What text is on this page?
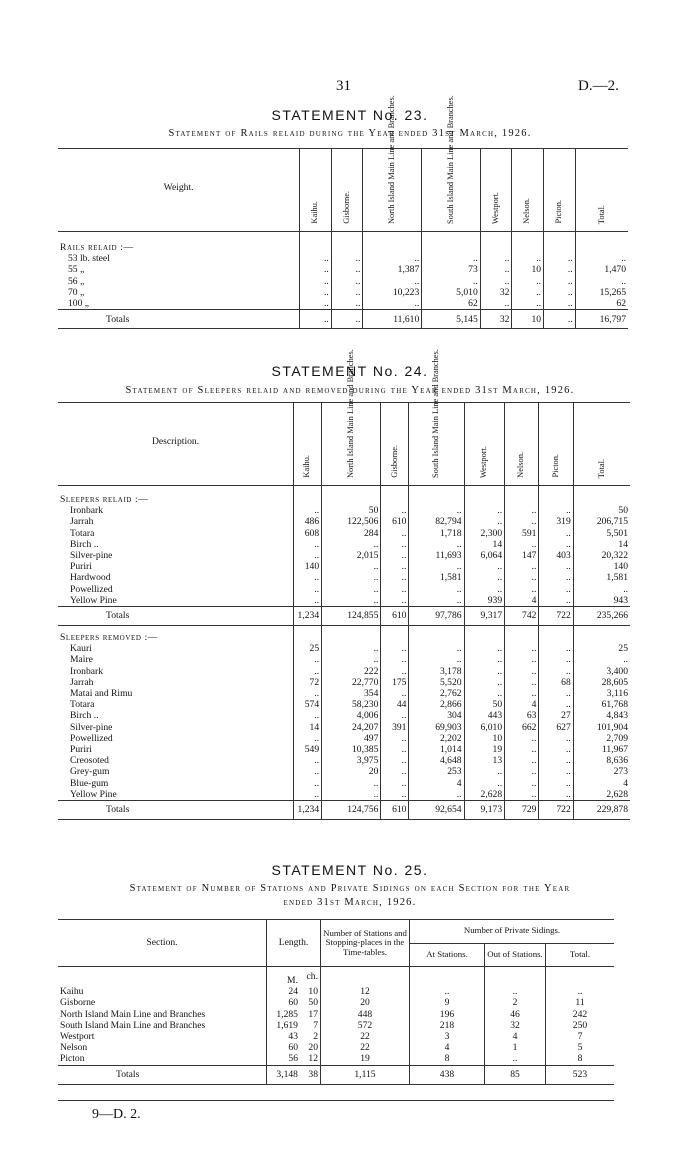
31	D.—2.
STATEMENT No. 23.
Statement of Rails relaid during the Year ended 31st March, 1926.
Weight.	Kaihu.	Gisborne.	North Island Main Line and Branches.	South Island Main Line and Branches.	Westport.	Nelson.	Picton.	Total.
Rails relaid :—								
53 lb. steel	..	..	..	..	..	..	..	..
55 „	..	..	1,387	73	..	10	..	1,470
56 „	..	..	..	..	..	..	..	..
70 „	..	..	10,223	5,010	32	..	..	15,265
100 „	..	..	..	62	..	..	..	62
Totals	..	..	11,610	5,145	32	10	..	16,797
STATEMENT No. 24.
Statement of Sleepers relaid and removed during the Year ended 31st March, 1926.
Description.	Kaihu.	North Island Main Line and Branches.	Gisborne.	South Island Main Line and Branches.	Westport.	Nelson.	Picton.	Total.
Sleepers relaid :—								
Ironbark	..	50	..	..	..	..	..	50
Jarrah	486	122,506	610	82,794	..	..	319	206,715
Totara	608	284	..	1,718	2,300	591	..	5,501
Birch ..	..	..	..	..	14	..	..	14
Silver-pine	..	2,015	..	11,693	6,064	147	403	20,322
Puriri	140	..	..	..	..	..	..	140
Hardwood	..	..	..	1,581	..	..	..	1,581
Powellized	..	..	..	..	..	..	..	..
Yellow Pine	..	..	..	..	939	4	..	943
Totals	1,234	124,855	610	97,786	9,317	742	722	235,266
Sleepers removed :—								
Kauri	25	..	..	..	..	..	..	25
Maire	..	..	..	..	..	..	..	..
Ironbark	..	222	..	3,178	..	..	..	3,400
Jarrah	72	22,770	175	5,520	..	..	68	28,605
Matai and Rimu	..	354	..	2,762	..	..	..	3,116
Totara	574	58,230	44	2,866	50	4	..	61,768
Birch ..	..	4,006	..	304	443	63	27	4,843
Silver-pine	14	24,207	391	69,903	6,010	662	627	101,904
Powellized	..	497	..	2,202	10	..	..	2,709
Puriri	549	10,385	..	1,014	19	..	..	11,967
Creosoted	..	3,975	..	4,648	13	..	..	8,636
Grey-gum	..	20	..	253	..	..	..	273
Blue-gum	..	..	..	4	..	..	..	4
Yellow Pine	..	..	..	..	2,628	..	..	2,628
Totals	1,234	124,756	610	92,654	9,173	729	722	229,878
STATEMENT No. 25.
Statement of Number of Stations and Private Sidings on each Section for the Year
ended 31st March, 1926.
Section.	Length.		Number of Stations and Stopping-places in the Time-tables.	Number of Private Sidings.		
				At Stations.	Out of Stations.	Total.
	M.	ch.				
Kaihu	24	10	12	..	..	..
Gisborne	60	50	20	9	2	11
North Island Main Line and Branches	1,285	17	448	196	46	242
South Island Main Line and Branches	1,619	7	572	218	32	250
Westport	43	2	22	3	4	7
Nelson	60	20	22	4	1	5
Picton	56	12	19	8	..	8
Totals	3,148	38	1,115	438	85	523
9—D. 2.
